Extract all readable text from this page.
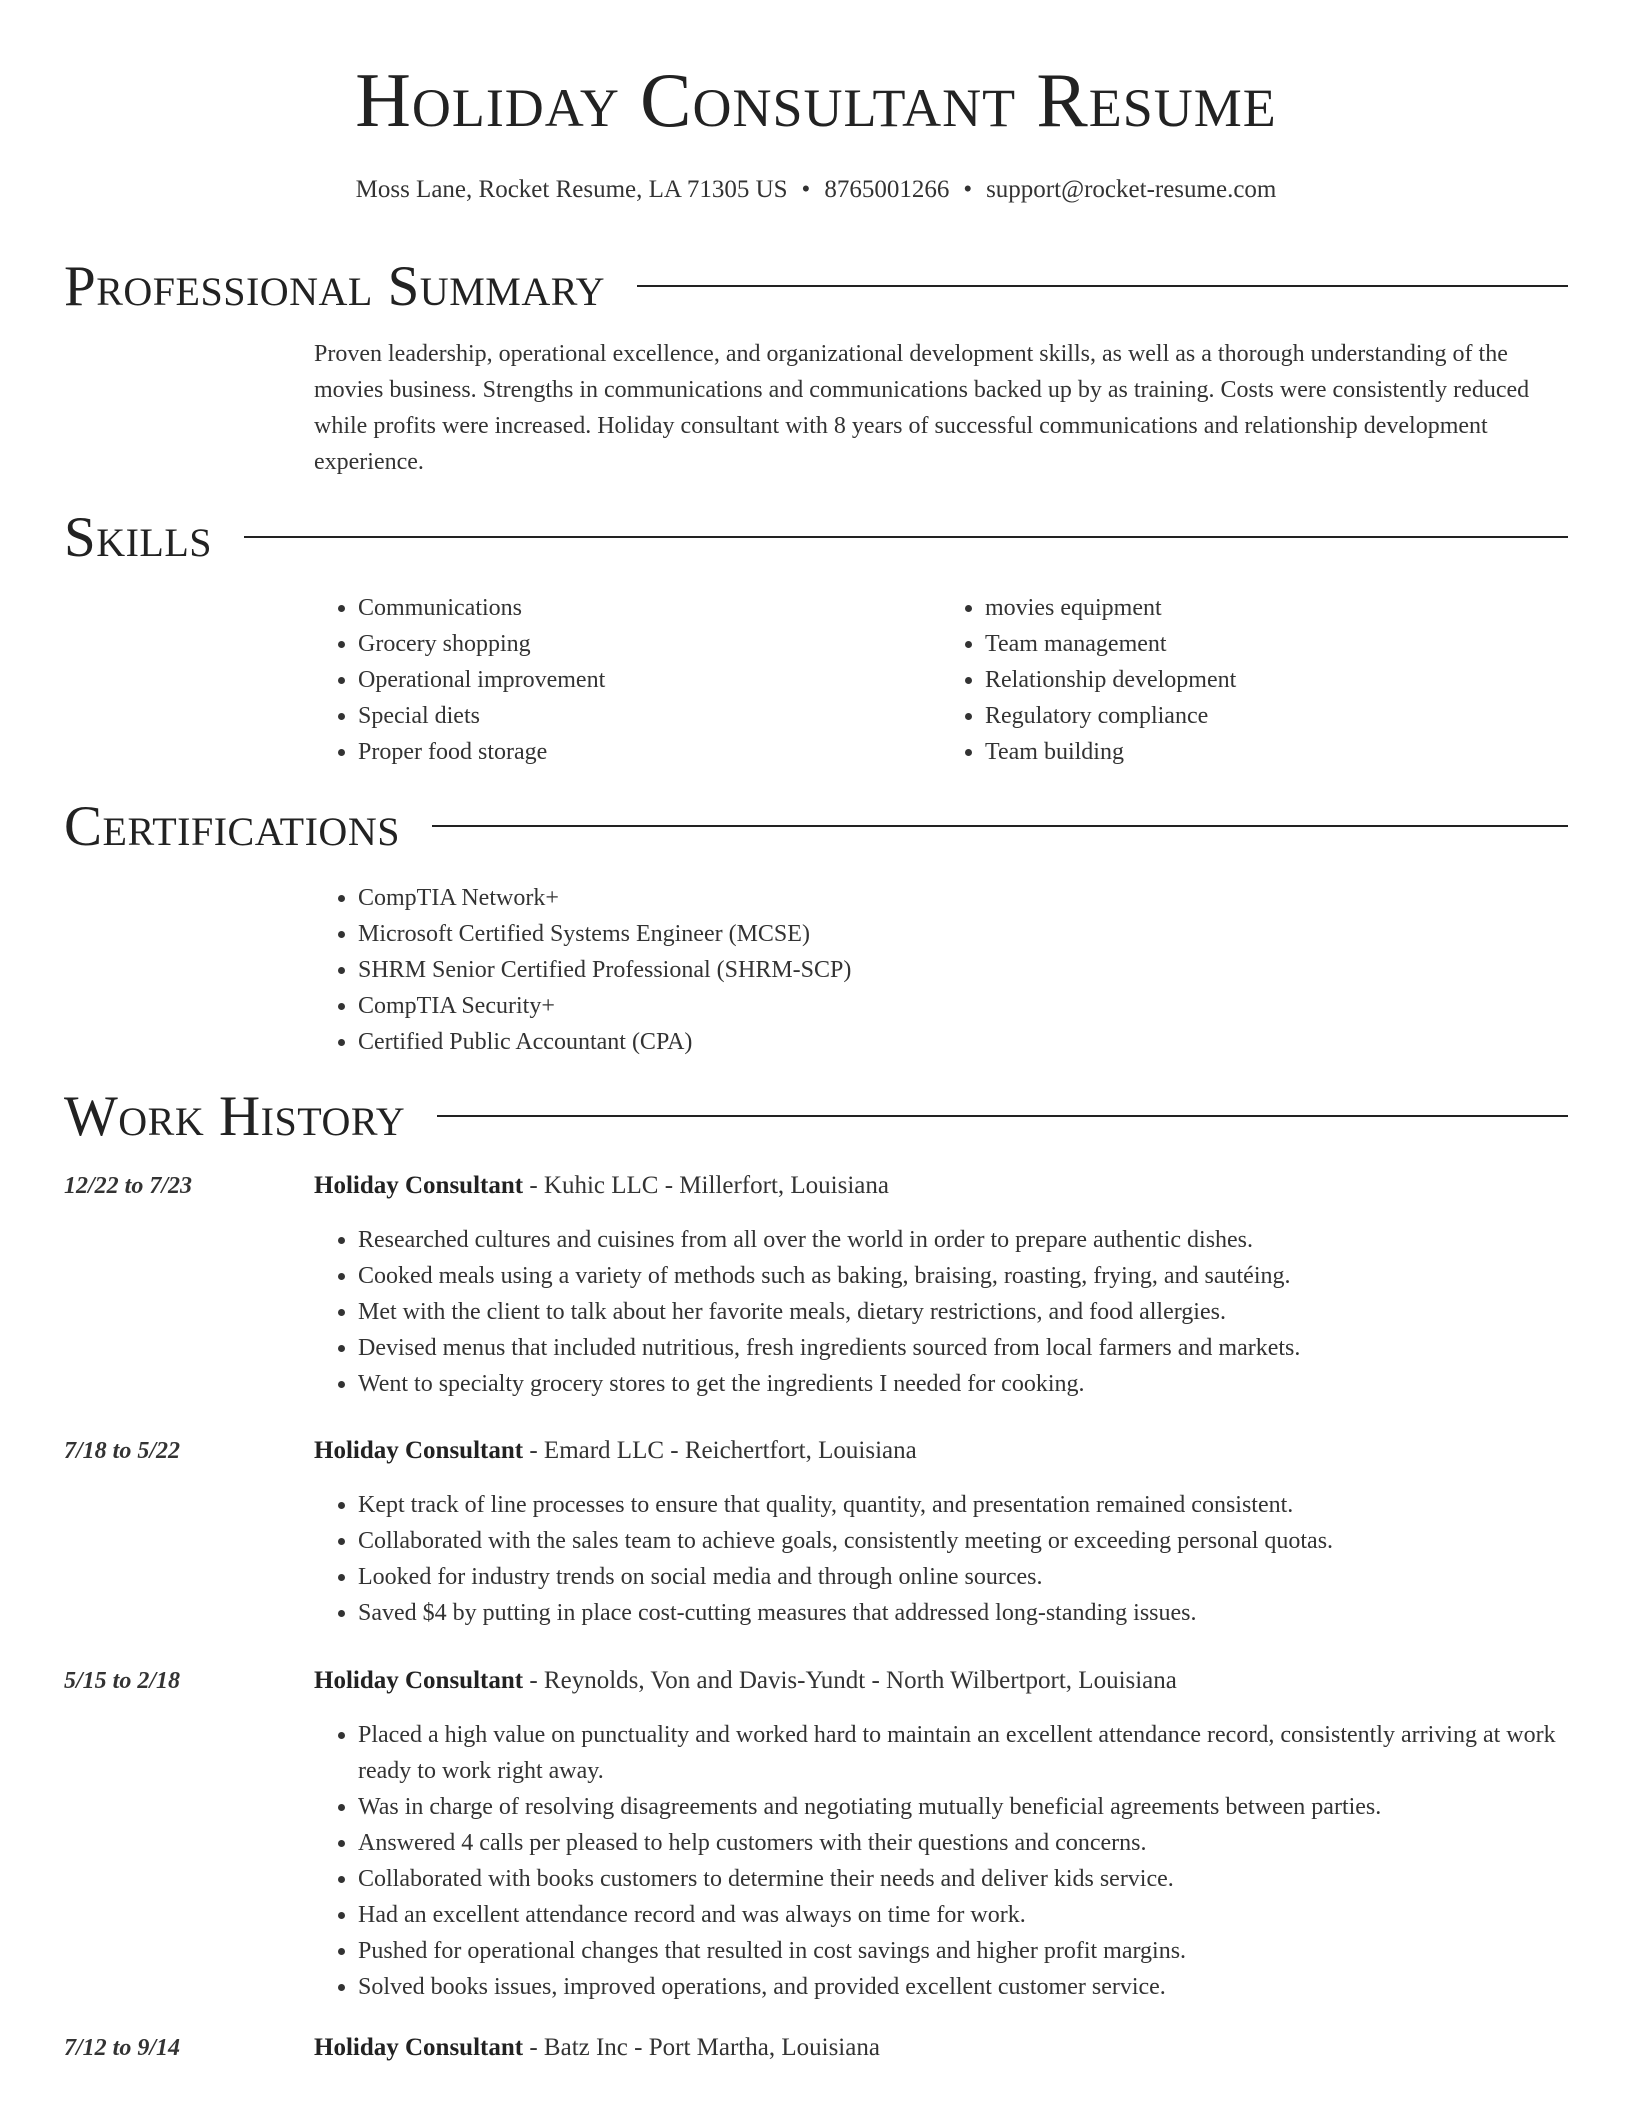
Holiday Consultant Resume
Moss Lane, Rocket Resume, LA 71305 US • 8765001266 • support@rocket-resume.com
Professional Summary
Proven leadership, operational excellence, and organizational development skills, as well as a thorough understanding of the movies business. Strengths in communications and communications backed up by as training. Costs were consistently reduced while profits were increased. Holiday consultant with 8 years of successful communications and relationship development experience.
Skills
• Communications
• Grocery shopping
• Operational improvement
• Special diets
• Proper food storage
• movies equipment
• Team management
• Relationship development
• Regulatory compliance
• Team building
Certifications
• CompTIA Network+
• Microsoft Certified Systems Engineer (MCSE)
• SHRM Senior Certified Professional (SHRM-SCP)
• CompTIA Security+
• Certified Public Accountant (CPA)
Work History
12/22 to 7/23	Holiday Consultant - Kuhic LLC - Millerfort, Louisiana
• Researched cultures and cuisines from all over the world in order to prepare authentic dishes.
• Cooked meals using a variety of methods such as baking, braising, roasting, frying, and sautéing.
• Met with the client to talk about her favorite meals, dietary restrictions, and food allergies.
• Devised menus that included nutritious, fresh ingredients sourced from local farmers and markets.
• Went to specialty grocery stores to get the ingredients I needed for cooking.
7/18 to 5/22	Holiday Consultant - Emard LLC - Reichertfort, Louisiana
• Kept track of line processes to ensure that quality, quantity, and presentation remained consistent.
• Collaborated with the sales team to achieve goals, consistently meeting or exceeding personal quotas.
• Looked for industry trends on social media and through online sources.
• Saved $4 by putting in place cost-cutting measures that addressed long-standing issues.
5/15 to 2/18	Holiday Consultant - Reynolds, Von and Davis-Yundt - North Wilbertport, Louisiana
• Placed a high value on punctuality and worked hard to maintain an excellent attendance record, consistently arriving at work ready to work right away.
• Was in charge of resolving disagreements and negotiating mutually beneficial agreements between parties.
• Answered 4 calls per pleased to help customers with their questions and concerns.
• Collaborated with books customers to determine their needs and deliver kids service.
• Had an excellent attendance record and was always on time for work.
• Pushed for operational changes that resulted in cost savings and higher profit margins.
• Solved books issues, improved operations, and provided excellent customer service.
7/12 to 9/14	Holiday Consultant - Batz Inc - Port Martha, Louisiana
